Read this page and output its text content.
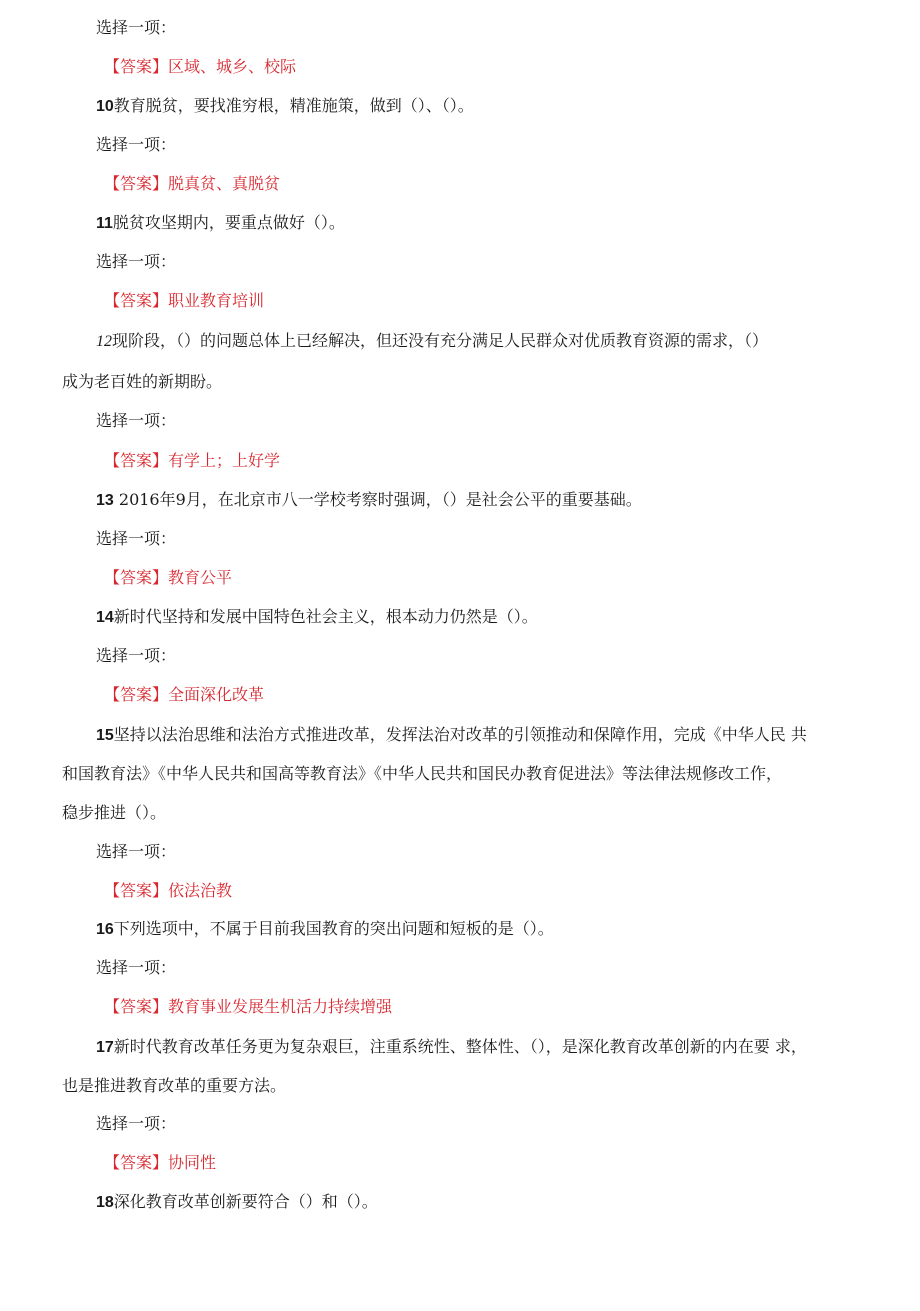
选择一项：
【答案】区域、城乡、校际
10教育脱贫，要找准穷根，精准施策，做到（）、（）。
选择一项：
【答案】脱真贫、真脱贫
11脱贫攻坚期内，要重点做好（）。
选择一项：
【答案】职业教育培训
12现阶段，（）的问题总体上已经解决，但还没有充分满足人民群众对优质教育资源的需求，（）
成为老百姓的新期盼。
选择一项：
【答案】有学上；上好学
13 2016年9月，在北京市八一学校考察时强调，（）是社会公平的重要基础。
选择一项：
【答案】教育公平
14新时代坚持和发展中国特色社会主义，根本动力仍然是（）。
选择一项：
【答案】全面深化改革
15坚持以法治思维和法治方式推进改革，发挥法治对改革的引领推动和保障作用，完成《中华人民 共
和国教育法》《中华人民共和国高等教育法》《中华人民共和国民办教育促进法》等法律法规修改工作，
稳步推进（）。
选择一项：
【答案】依法治教
16下列选项中，不属于目前我国教育的突出问题和短板的是（）。
选择一项：
【答案】教育事业发展生机活力持续增强
17新时代教育改革任务更为复杂艰巨，注重系统性、整体性、（），是深化教育改革创新的内在要 求，
也是推进教育改革的重要方法。
选择一项：
【答案】协同性
18深化教育改革创新要符合（）和（）。
